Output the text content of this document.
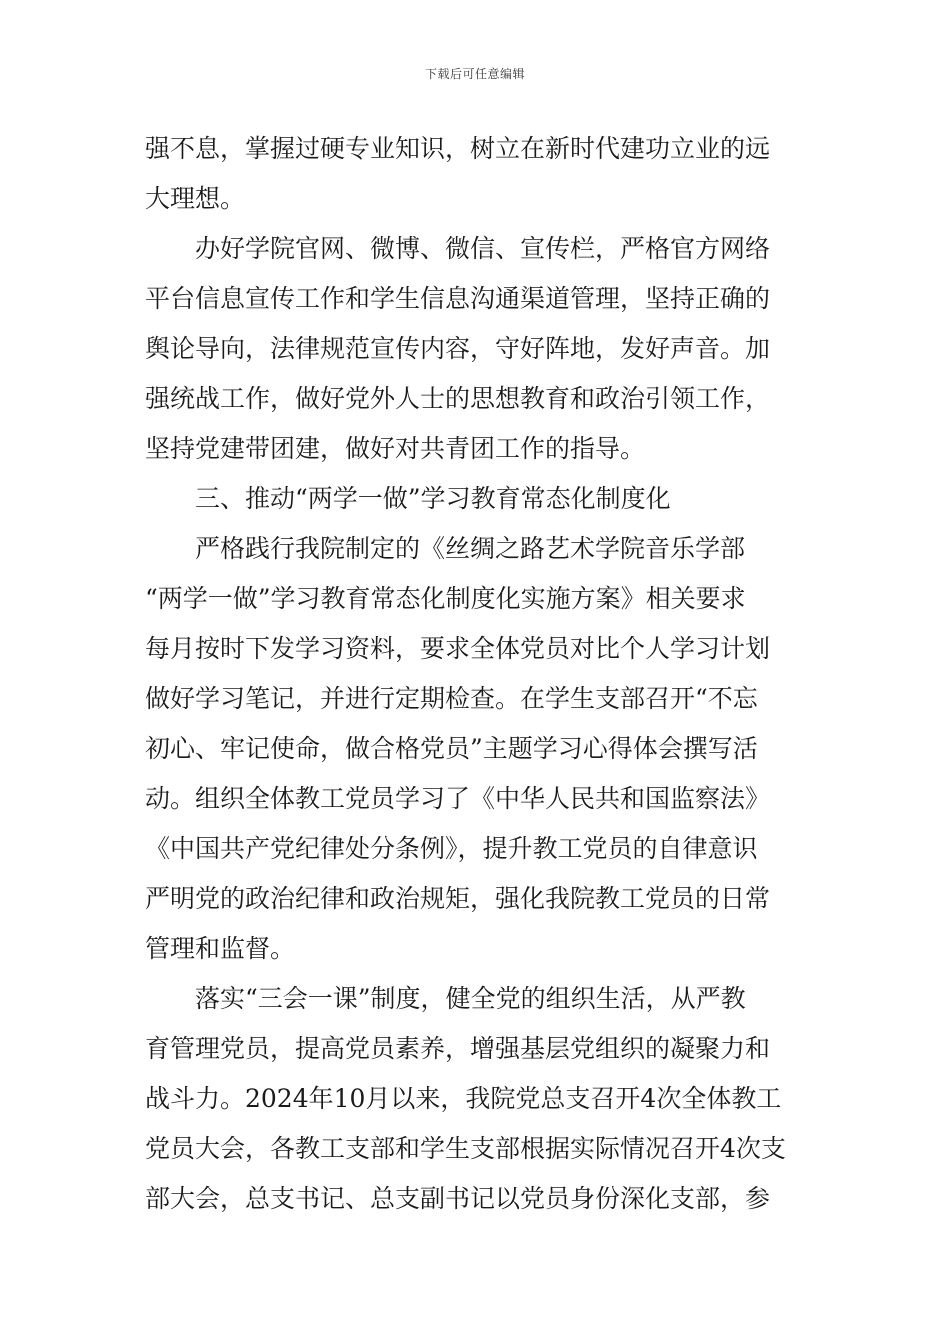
下载后可任意编辑
强不息，掌握过硬专业知识，树立在新时代建功立业的远
大理想。
　　办好学院官网、微博、微信、宣传栏，严格官方网络
平台信息宣传工作和学生信息沟通渠道管理，坚持正确的
舆论导向，法律规范宣传内容，守好阵地，发好声音。加
强统战工作，做好党外人士的思想教育和政治引领工作，
坚持党建带团建，做好对共青团工作的指导。
　　三、推动“两学一做”学习教育常态化制度化
　　严格践行我院制定的《丝绸之路艺术学院音乐学部
“两学一做”学习教育常态化制度化实施方案》相关要求
每月按时下发学习资料，要求全体党员对比个人学习计划
做好学习笔记，并进行定期检查。在学生支部召开“不忘
初心、牢记使命，做合格党员”主题学习心得体会撰写活
动。组织全体教工党员学习了《中华人民共和国监察法》
《中国共产党纪律处分条例》，提升教工党员的自律意识
严明党的政治纪律和政治规矩，强化我院教工党员的日常
管理和监督。
　　落实“三会一课”制度，健全党的组织生活，从严教
育管理党员，提高党员素养，增强基层党组织的凝聚力和
战斗力。2024年10月以来，我院党总支召开4次全体教工
党员大会，各教工支部和学生支部根据实际情况召开4次支
部大会，总支书记、总支副书记以党员身份深化支部，参
